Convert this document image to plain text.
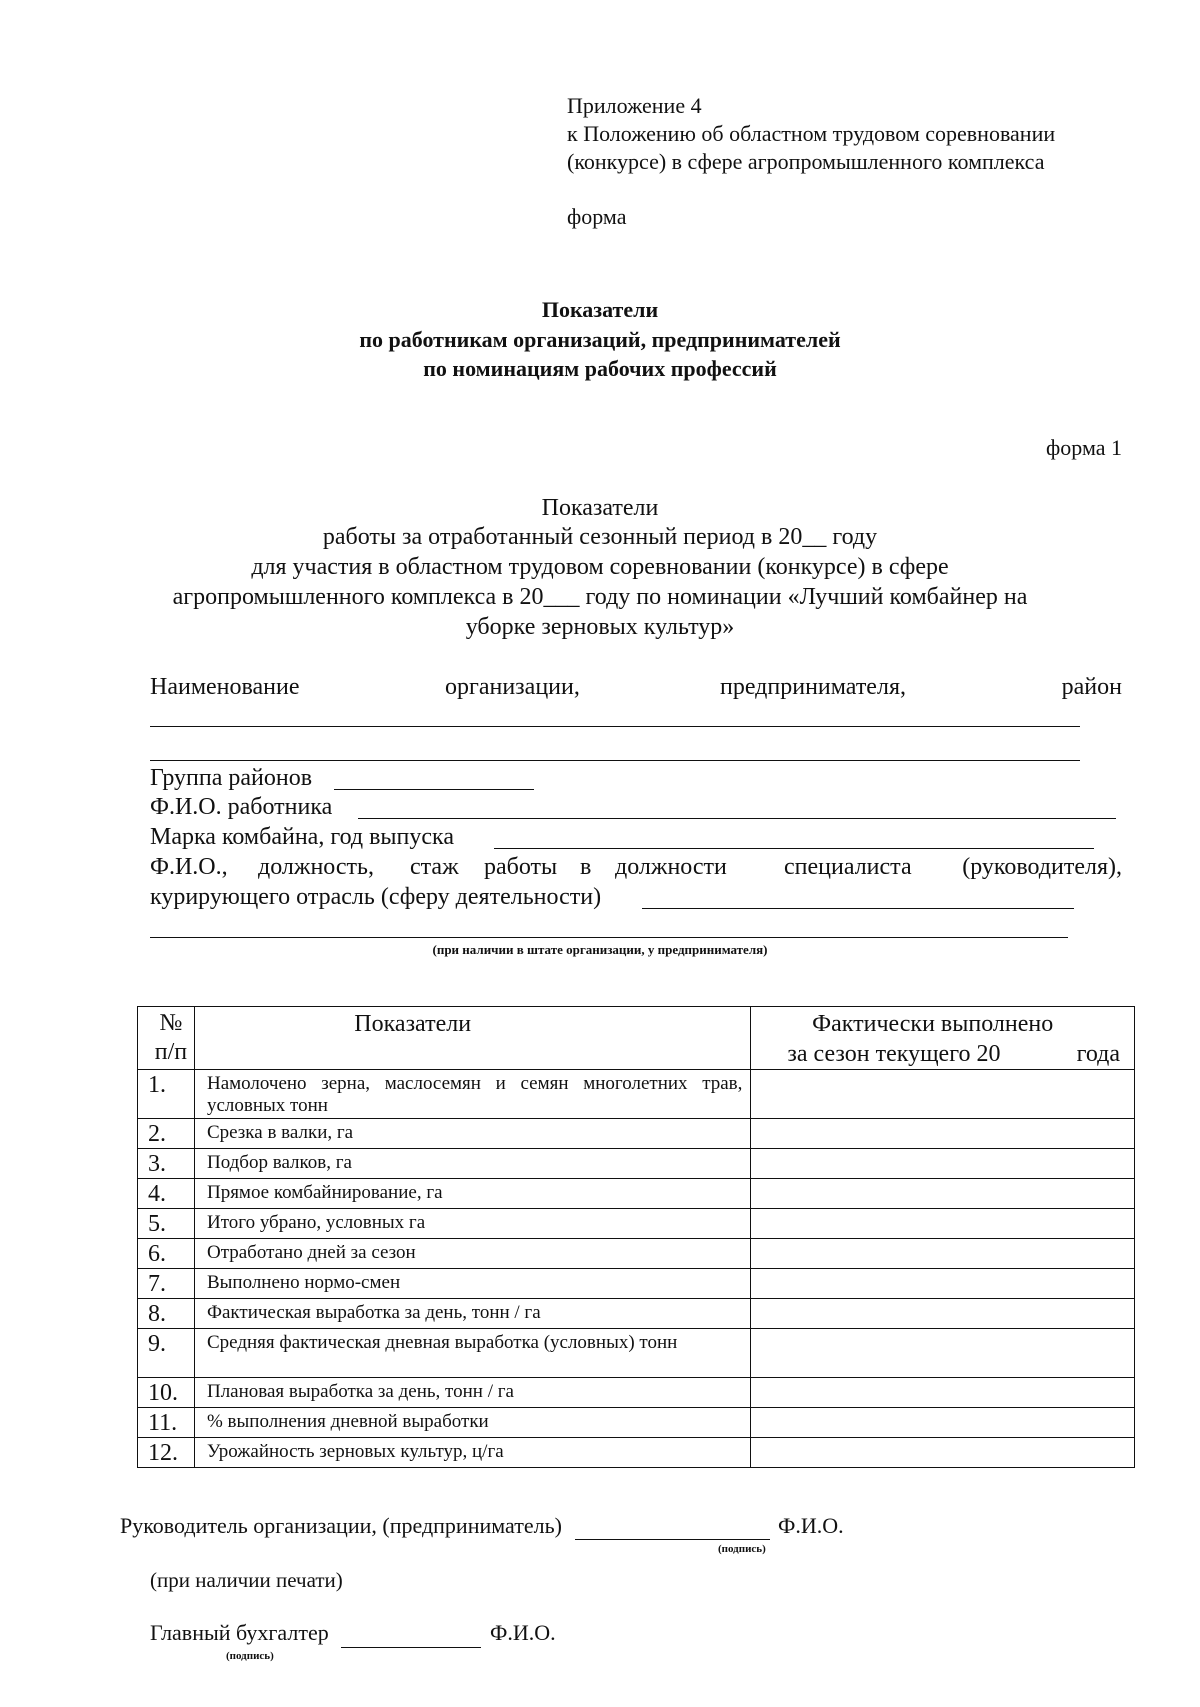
Приложение 4
к Положению об областном трудовом соревновании
(конкурсе) в сфере агропромышленного комплекса
форма
Показатели
по работникам организаций, предпринимателей
по номинациям рабочих профессий
форма 1
Показатели
работы за отработанный сезонный период в 20__ году
для участия в областном трудовом соревновании (конкурсе) в сфере
агропромышленного комплекса в 20___ году по номинации «Лучший комбайнер на
уборке зерновых культур»
Наименование	организации,	предпринимателя,	район
Группа районов
Ф.И.О. работника
Марка комбайна, год выпуска
Ф.И.О., должность, стаж работы в должности специалиста (руководителя),
курирующего отрасль (сферу деятельности)
(при наличии в штате организации, у предпринимателя)
№
п/п	Показатели	Фактически выполнено
за сезон текущего 20 года

1.	Намолочено зерна, маслосемян и семян многолетних трав, условных тонн	

2.	Срезка в валки, га	

3.	Подбор валков, га	

4.	Прямое комбайнирование, га	

5.	Итого убрано, условных га	

6.	Отработано дней за сезон	

7.	Выполнено нормо-смен	

8.	Фактическая выработка за день, тонн / га	

9.	Средняя фактическая дневная выработка (условных) тонн	

10.	Плановая выработка за день, тонн / га	

11.	% выполнения дневной выработки	

12.	Урожайность зерновых культур, ц/га	

Руководитель организации, (предприниматель)	Ф.И.О.
(подпись)
(при наличии печати)
Главный бухгалтер	Ф.И.О.
(подпись)
